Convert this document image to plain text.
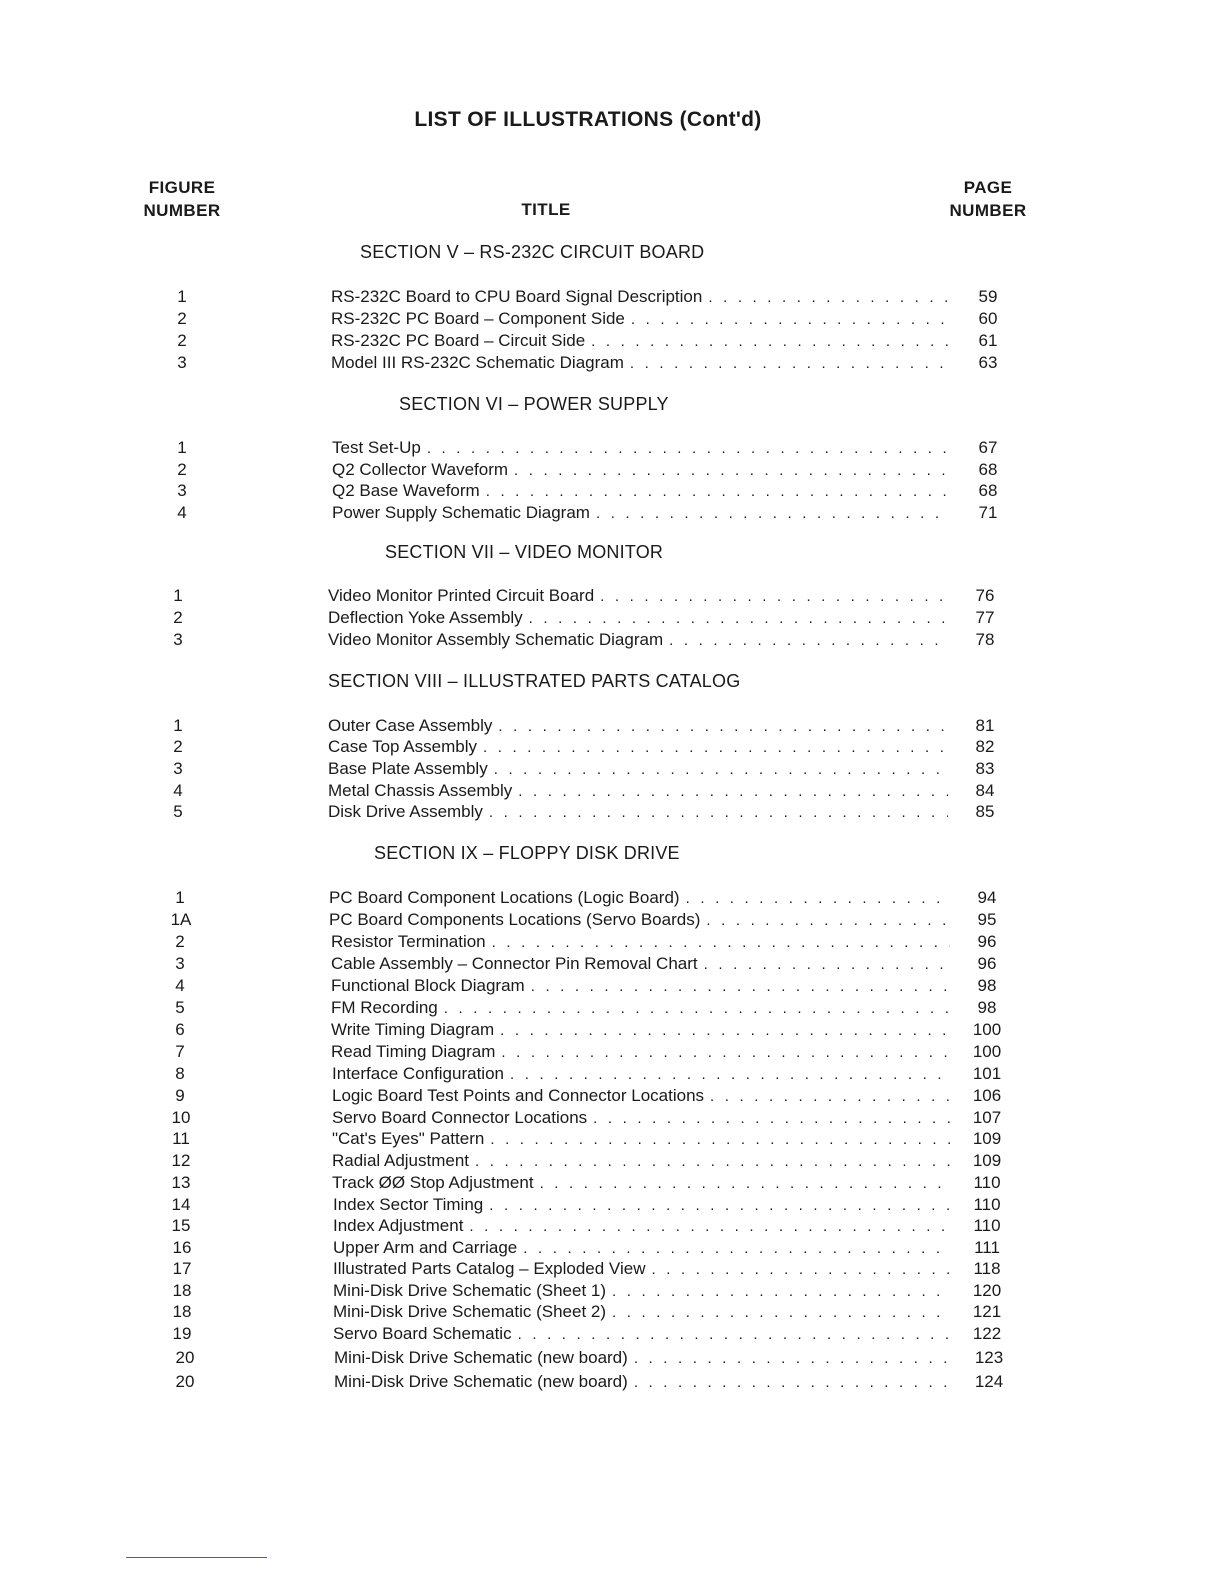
LIST OF ILLUSTRATIONS (Cont'd)
FIGURE
NUMBER	TITLE
PAGE
NUMBER
SECTION V – RS-232C CIRCUIT BOARD
1	RS-232C Board to CPU Board Signal Description . . .	59
2	RS-232C PC Board – Component Side . . .	60
2	RS-232C PC Board – Circuit Side . . .	61
3	Model III RS-232C Schematic Diagram . . .	63
SECTION VI – POWER SUPPLY
1	Test Set-Up . . .	67
2	Q2 Collector Waveform . . .	68
3	Q2 Base Waveform . . .	68
4	Power Supply Schematic Diagram . . .	71
SECTION VII – VIDEO MONITOR
1	Video Monitor Printed Circuit Board . . .	76
2	Deflection Yoke Assembly . . .	77
3	Video Monitor Assembly Schematic Diagram . . .	78
SECTION VIII – ILLUSTRATED PARTS CATALOG
1	Outer Case Assembly . . .	81
2	Case Top Assembly . . .	82
3	Base Plate Assembly . . .	83
4	Metal Chassis Assembly . . .	84
5	Disk Drive Assembly . . .	85
SECTION IX – FLOPPY DISK DRIVE
1	PC Board Component Locations (Logic Board) . . .	94
1A	PC Board Components Locations (Servo Boards) . . .	95
2	Resistor Termination . . .	96
3	Cable Assembly – Connector Pin Removal Chart . . .	96
4	Functional Block Diagram . . .	98
5	FM Recording . . .	98
6	Write Timing Diagram . . .	100
7	Read Timing Diagram . . .	100
8	Interface Configuration . . .	101
9	Logic Board Test Points and Connector Locations . . .	106
10	Servo Board Connector Locations . . .	107
11	"Cat's Eyes" Pattern . . .	109
12	Radial Adjustment . . .	109
13	Track ØØ Stop Adjustment . . .	110
14	Index Sector Timing . . .	110
15	Index Adjustment . . .	110
16	Upper Arm and Carriage . . .	111
17	Illustrated Parts Catalog – Exploded View . . .	118
18	Mini-Disk Drive Schematic (Sheet 1) . . .	120
18	Mini-Disk Drive Schematic (Sheet 2) . . .	121
19	Servo Board Schematic . . .	122
20	Mini-Disk Drive Schematic (new board) . . .	123
20	Mini-Disk Drive Schematic (new board) . . .	124
